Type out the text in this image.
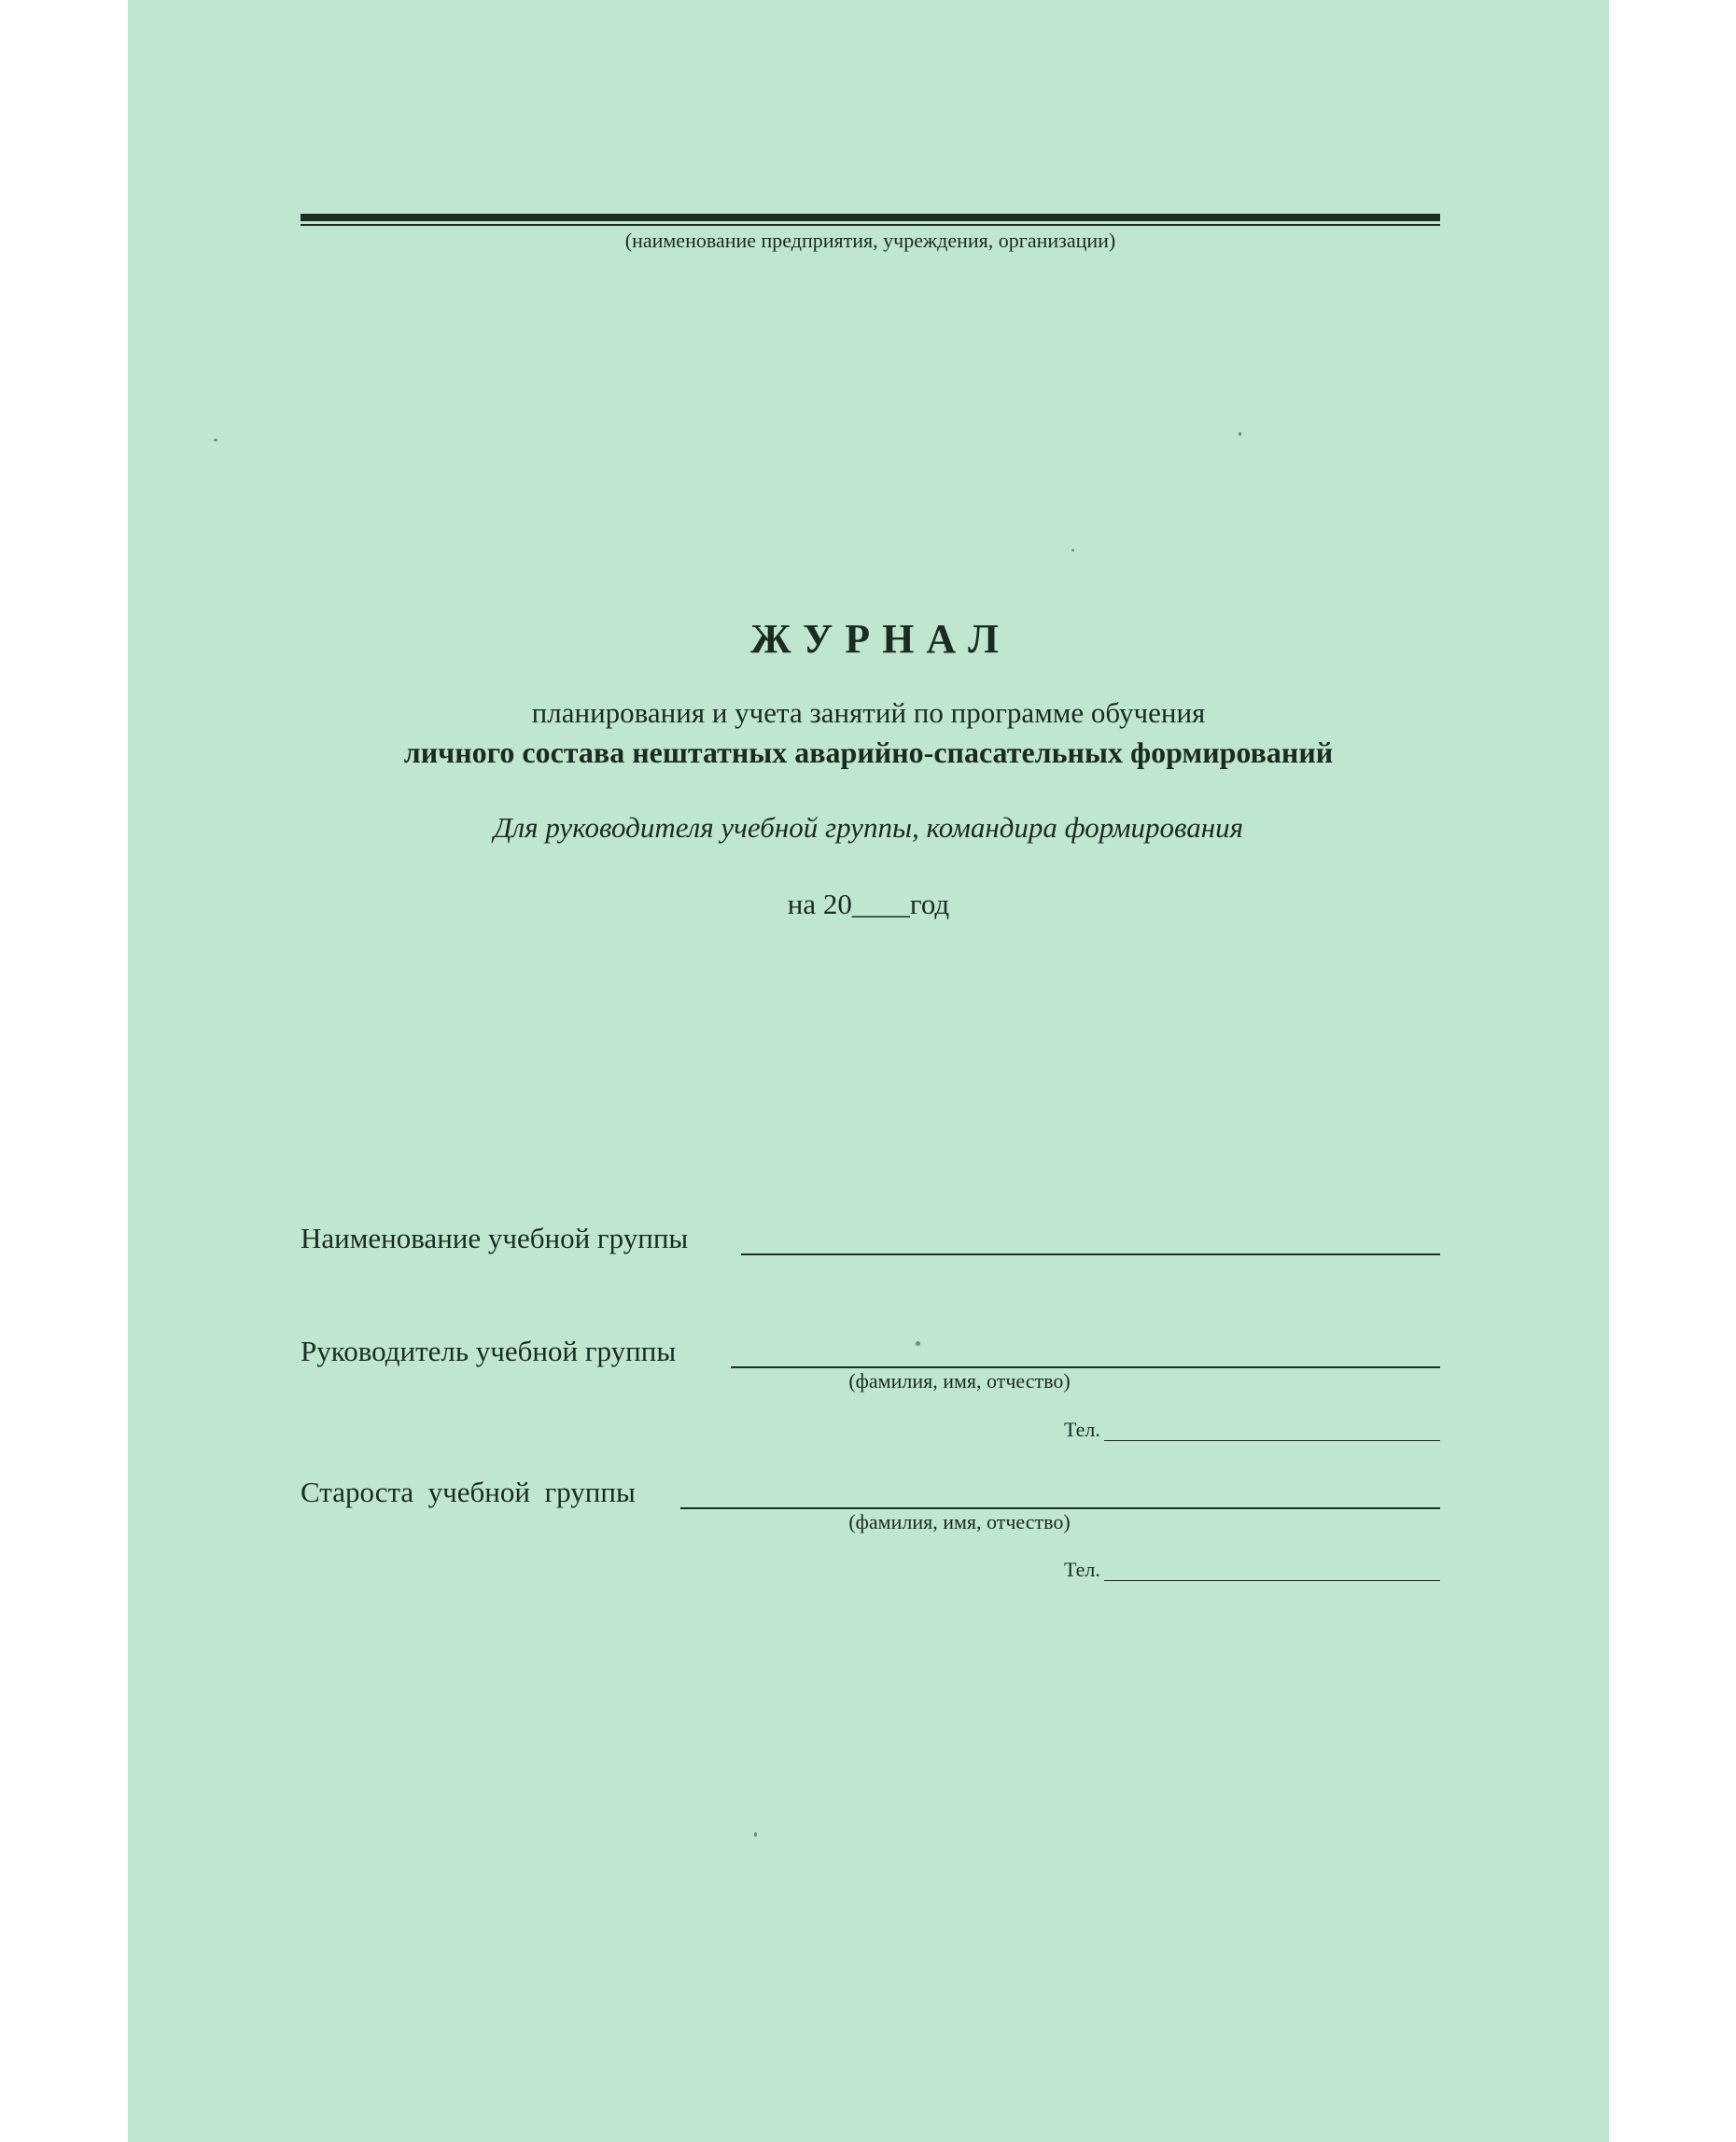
(наименование предприятия, учреждения, организации)
ЖУРНАЛ
планирования и учета занятий по программе обучения
личного состава нештатных аварийно-спасательных формирований
Для руководителя учебной группы, командира формирования
на 20____год
Наименование учебной группы
Руководитель учебной группы
(фамилия, имя, отчество)
Тел.
Староста  учебной  группы
(фамилия, имя, отчество)
Тел.
